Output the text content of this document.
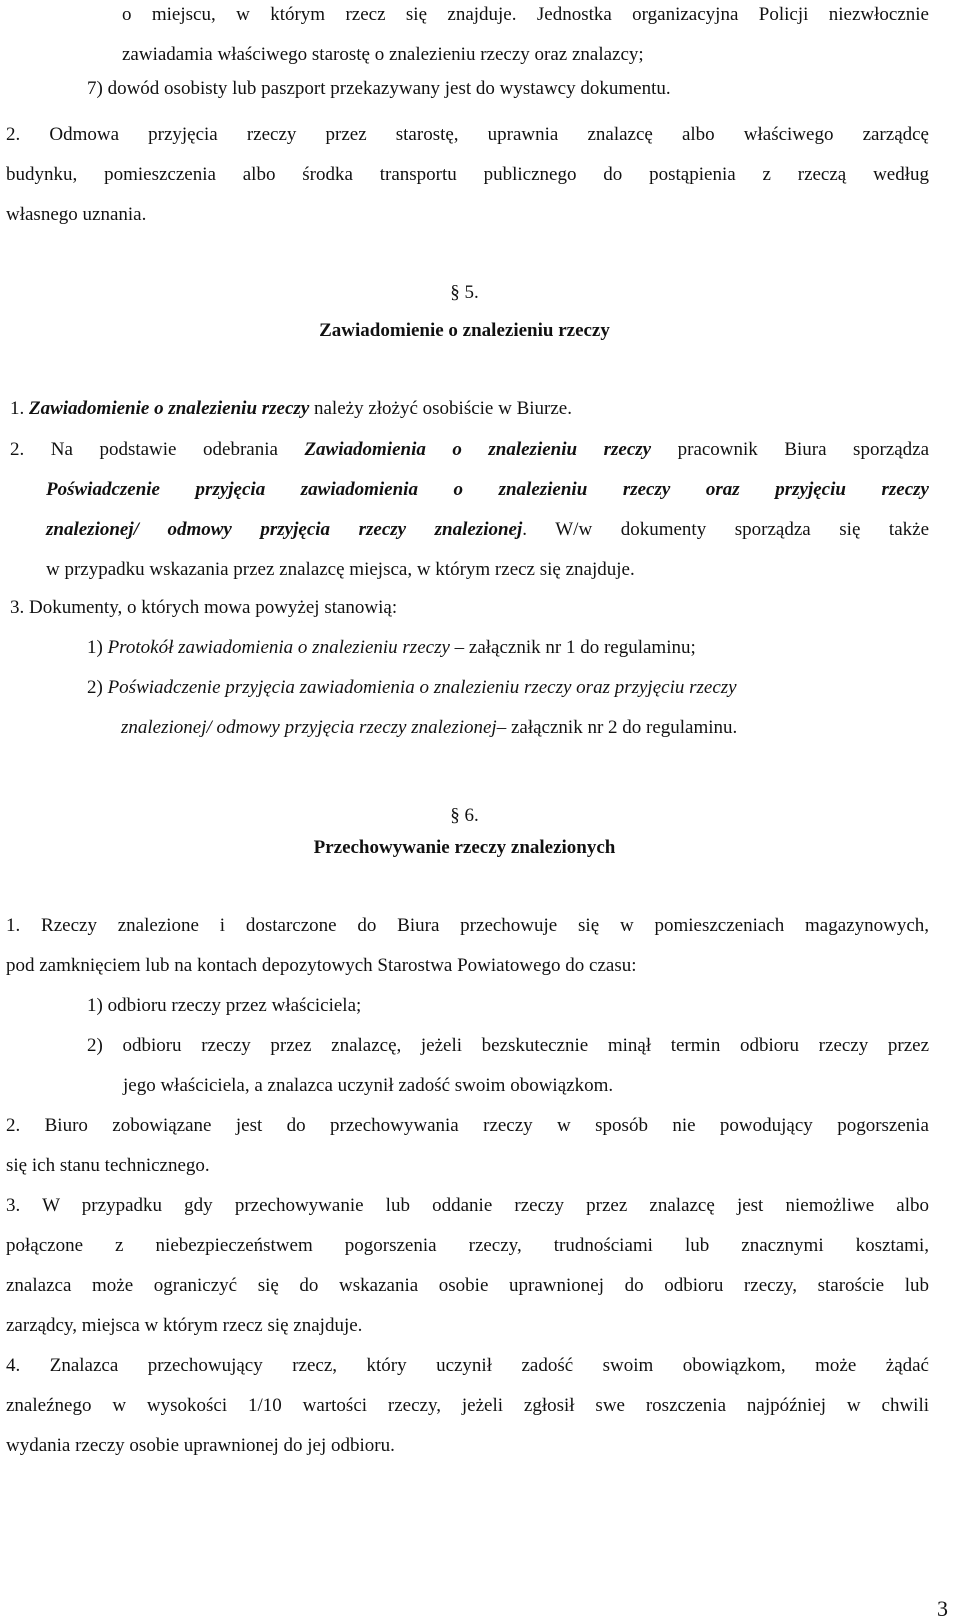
o miejscu, w którym rzecz się znajduje. Jednostka organizacyjna Policji niezwłocznie
zawiadamia właściwego starostę o znalezieniu rzeczy oraz znalazcy;
7) dowód osobisty lub paszport przekazywany jest do wystawcy dokumentu.
2. Odmowa przyjęcia rzeczy przez starostę, uprawnia znalazcę albo właściwego zarządcę
budynku, pomieszczenia albo środka transportu publicznego do postąpienia z rzeczą według
własnego uznania.
§ 5.
Zawiadomienie o znalezieniu rzeczy
1. Zawiadomienie o znalezieniu rzeczy należy złożyć osobiście w Biurze.
2. Na podstawie odebrania Zawiadomienia o znalezieniu rzeczy pracownik Biura sporządza
Poświadczenie przyjęcia zawiadomienia o znalezieniu rzeczy oraz przyjęciu rzeczy
znalezionej/ odmowy przyjęcia rzeczy znalezionej. W/w dokumenty sporządza się także
w przypadku wskazania przez znalazcę miejsca, w którym rzecz się znajduje.
3. Dokumenty, o których mowa powyżej stanowią:
1) Protokół zawiadomienia o znalezieniu rzeczy – załącznik nr 1 do regulaminu;
2) Poświadczenie przyjęcia zawiadomienia o znalezieniu rzeczy oraz przyjęciu rzeczy
znalezionej/ odmowy przyjęcia rzeczy znalezionej– załącznik nr 2 do regulaminu.
§ 6.
Przechowywanie rzeczy znalezionych
1. Rzeczy znalezione i dostarczone do Biura przechowuje się w pomieszczeniach magazynowych,
pod zamknięciem lub na kontach depozytowych Starostwa Powiatowego do czasu:
1) odbioru rzeczy przez właściciela;
2) odbioru rzeczy przez znalazcę, jeżeli bezskutecznie minął termin odbioru rzeczy przez
jego właściciela, a znalazca uczynił zadość swoim obowiązkom.
2. Biuro zobowiązane jest do przechowywania rzeczy w sposób nie powodujący pogorszenia
się ich stanu technicznego.
3. W przypadku gdy przechowywanie lub oddanie rzeczy przez znalazcę jest niemożliwe albo
połączone z niebezpieczeństwem pogorszenia rzeczy, trudnościami lub znacznymi kosztami,
znalazca może ograniczyć się do wskazania osobie uprawnionej do odbioru rzeczy, staroście lub
zarządcy, miejsca w którym rzecz się znajduje.
4. Znalazca przechowujący rzecz, który uczynił zadość swoim obowiązkom, może żądać
znaleźnego w wysokości 1/10 wartości rzeczy, jeżeli zgłosił swe roszczenia najpóźniej w chwili
wydania rzeczy osobie uprawnionej do jej odbioru.
3
